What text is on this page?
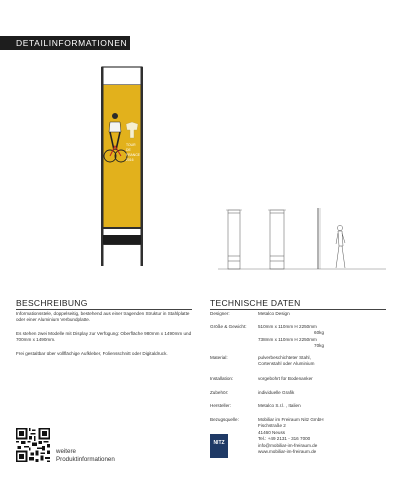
DETAILINFORMATIONEN
TOUR
DE
FRANCE
2016
BESCHREIBUNG
Informationsstele, doppelseitig, bestehend aus einer tragenden Struktur in Stahlplatte oder einer Aluminium Verbundplatte.
Es stehen zwei Modelle mit Display zur Verfügung: Oberfläche 980mm x 1490mm und 700mm x 1490mm.
Frei gestaltbar über vollflächige Aufkleber, Foliensschnitt oder Digitaldruck.
TECHNISCHE DATEN
Designer:	Metalco Design
Größe & Gewicht:	510mm x 110mm H 2250mm
60kg
738mm x 110mm H 2250mm
70kg
Material:	pulverbeschichteter Stahl,
Cortenstahl oder Aluminium
Installation:	vorgebohrt für Bodenanker
Zubehör:	individuelle Grafik
Hersteller:	Metalco S.r.l. , Italien
Bezugsquelle:	Mobiliar im Freiraum Nitz GmbH
Fischstraße 2
41460 Neuss
Tel.: +49 2131 - 316 7000
info@mobiliar-im-freiraum.de
www.mobiliar-im-freiraum.de
NITZ
weitere
Produktinformationen
